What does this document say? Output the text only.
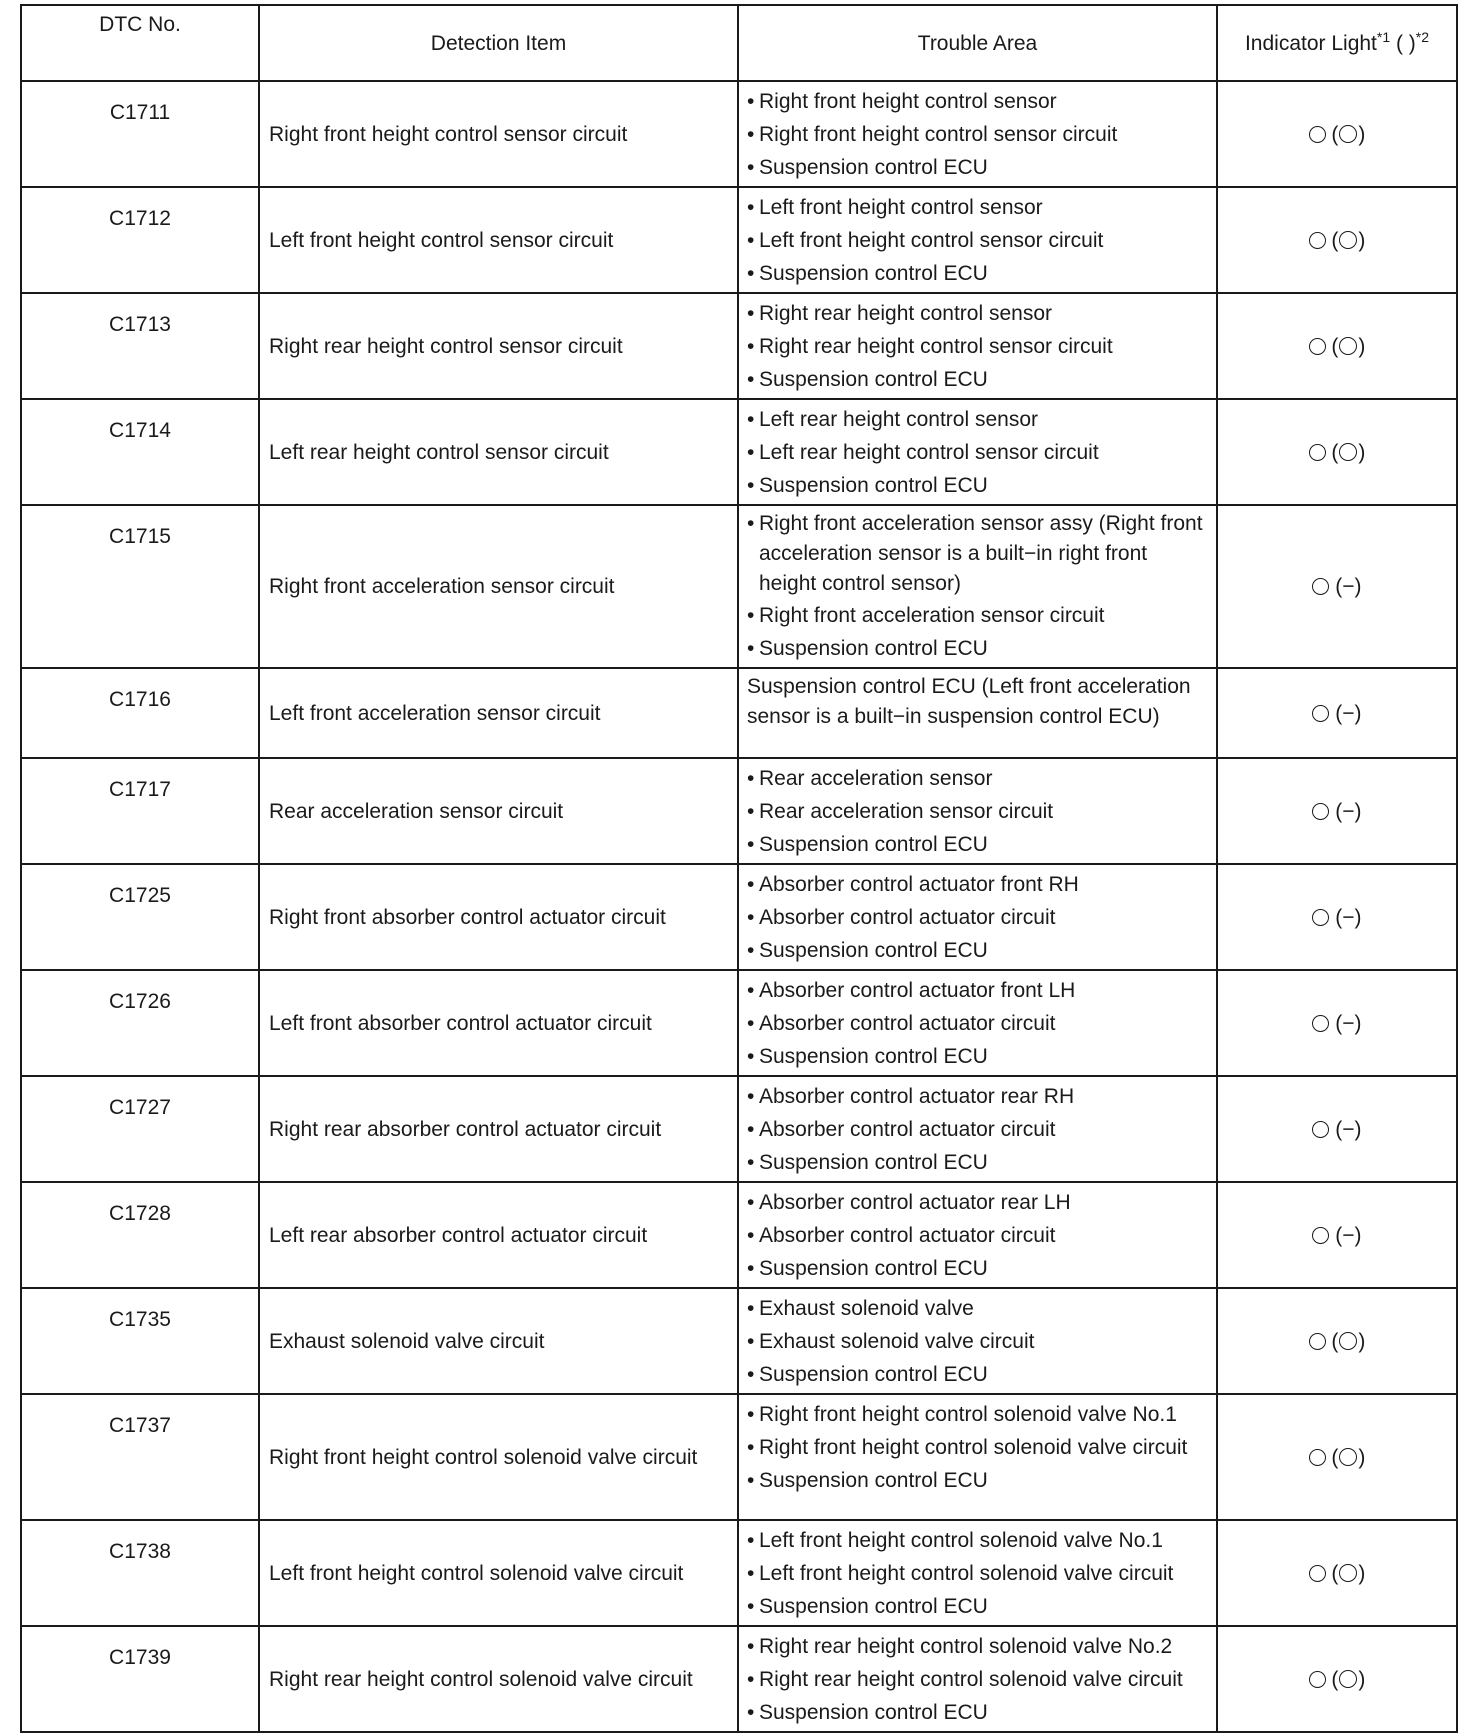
DTC No.	Detection Item	Trouble Area	Indicator Light$^{*1}$ ( )$^{*2}$
C1711	Right front height control sensor circuit	• Right front height control sensor
• Right front height control sensor circuit
• Suspension control ECU	( )
C1712	Left front height control sensor circuit	• Left front height control sensor
• Left front height control sensor circuit
• Suspension control ECU	( )
C1713	Right rear height control sensor circuit	• Right rear height control sensor
• Right rear height control sensor circuit
• Suspension control ECU	( )
C1714	Left rear height control sensor circuit	• Left rear height control sensor
• Left rear height control sensor circuit
• Suspension control ECU	( )
C1715	Right front acceleration sensor circuit	• Right front acceleration sensor assy (Right front acceleration sensor is a built−in right front height control sensor)
• Right front acceleration sensor circuit
• Suspension control ECU	(−)
C1716	Left front acceleration sensor circuit	Suspension control ECU (Left front acceleration sensor is a built−in suspension control ECU)	(−)
C1717	Rear acceleration sensor circuit	• Rear acceleration sensor
• Rear acceleration sensor circuit
• Suspension control ECU	(−)
C1725	Right front absorber control actuator circuit	• Absorber control actuator front RH
• Absorber control actuator circuit
• Suspension control ECU	(−)
C1726	Left front absorber control actuator circuit	• Absorber control actuator front LH
• Absorber control actuator circuit
• Suspension control ECU	(−)
C1727	Right rear absorber control actuator circuit	• Absorber control actuator rear RH
• Absorber control actuator circuit
• Suspension control ECU	(−)
C1728	Left rear absorber control actuator circuit	• Absorber control actuator rear LH
• Absorber control actuator circuit
• Suspension control ECU	(−)
C1735	Exhaust solenoid valve circuit	• Exhaust solenoid valve
• Exhaust solenoid valve circuit
• Suspension control ECU	( )
C1737	Right front height control solenoid valve circuit	• Right front height control solenoid valve No.1
• Right front height control solenoid valve circuit
• Suspension control ECU	( )
C1738	Left front height control solenoid valve circuit	• Left front height control solenoid valve No.1
• Left front height control solenoid valve circuit
• Suspension control ECU	( )
C1739	Right rear height control solenoid valve circuit	• Right rear height control solenoid valve No.2
• Right rear height control solenoid valve circuit
• Suspension control ECU	( )
